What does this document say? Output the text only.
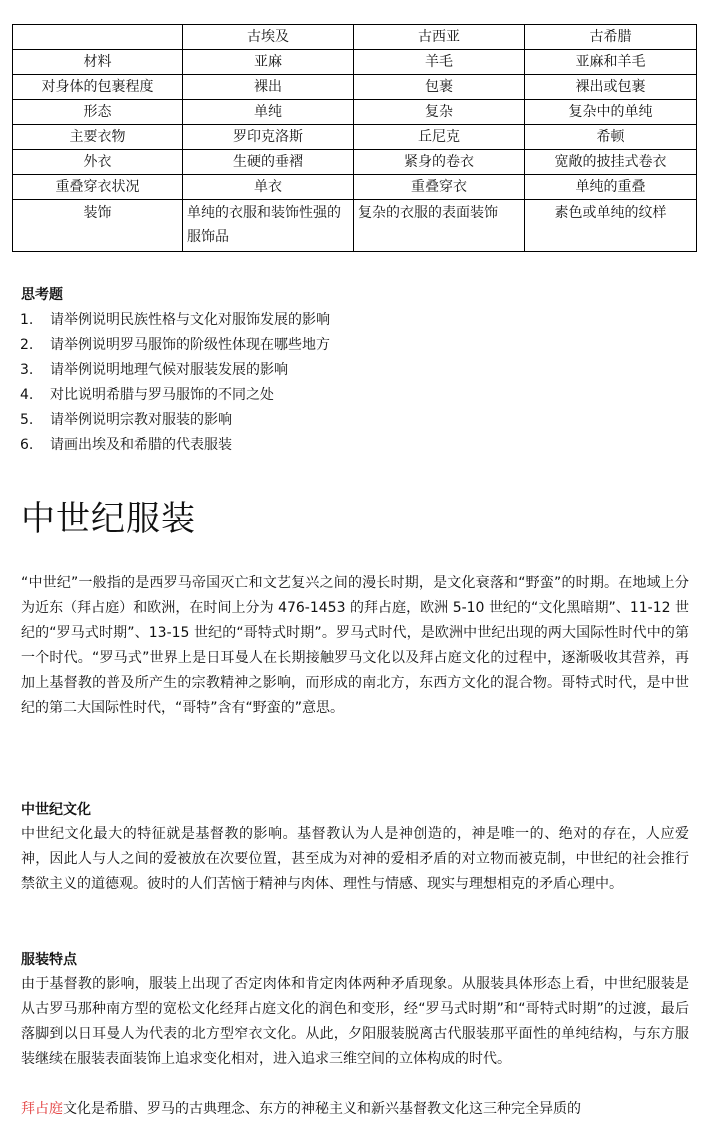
	古埃及	古西亚	古希腊
材料	亚麻	羊毛	亚麻和羊毛
对身体的包裹程度	裸出	包裹	裸出或包裹
形态	单纯	复杂	复杂中的单纯
主要衣物	罗印克洛斯	丘尼克	希顿
外衣	生硬的垂褶	紧身的卷衣	宽敞的披挂式卷衣
重叠穿衣状况	单衣	重叠穿衣	单纯的重叠
装饰	单纯的衣服和装饰性强的服饰品	复杂的衣服的表面装饰	素色或单纯的纹样
思考题
1. 请举例说明民族性格与文化对服饰发展的影响
2. 请举例说明罗马服饰的阶级性体现在哪些地方
3. 请举例说明地理气候对服装发展的影响
4. 对比说明希腊与罗马服饰的不同之处
5. 请举例说明宗教对服装的影响
6. 请画出埃及和希腊的代表服装
中世纪服装

“中世纪”一般指的是西罗马帝国灭亡和文艺复兴之间的漫长时期，是文化衰落和“野蛮”的时期。在地域上分为近东（拜占庭）和欧洲，在时间上分为 476-1453 的拜占庭，欧洲 5-10 世纪的“文化黑暗期”、11-12 世纪的“罗马式时期”、13-15 世纪的“哥特式时期”。罗马式时代，是欧洲中世纪出现的两大国际性时代中的第一个时代。“罗马式”世界上是日耳曼人在长期接触罗马文化以及拜占庭文化的过程中，逐渐吸收其营养，再加上基督教的普及所产生的宗教精神之影响，而形成的南北方，东西方文化的混合物。哥特式时代，是中世纪的第二大国际性时代，“哥特”含有“野蛮的”意思。

中世纪文化

中世纪文化最大的特征就是基督教的影响。基督教认为人是神创造的，神是唯一的、绝对的存在，人应爱神，因此人与人之间的爱被放在次要位置，甚至成为对神的爱相矛盾的对立物而被克制，中世纪的社会推行禁欲主义的道德观。彼时的人们苦恼于精神与肉体、理性与情感、现实与理想相克的矛盾心理中。

服装特点

由于基督教的影响，服装上出现了否定肉体和肯定肉体两种矛盾现象。从服装具体形态上看，中世纪服装是从古罗马那种南方型的宽松文化经拜占庭文化的润色和变形，经“罗马式时期”和“哥特式时期”的过渡，最后落脚到以日耳曼人为代表的北方型窄衣文化。从此，夕阳服装脱离古代服装那平面性的单纯结构，与东方服装继续在服装表面装饰上追求变化相对，进入追求三维空间的立体构成的时代。

拜占庭文化是希腊、罗马的古典理念、东方的神秘主义和新兴基督教文化这三种完全异质的
